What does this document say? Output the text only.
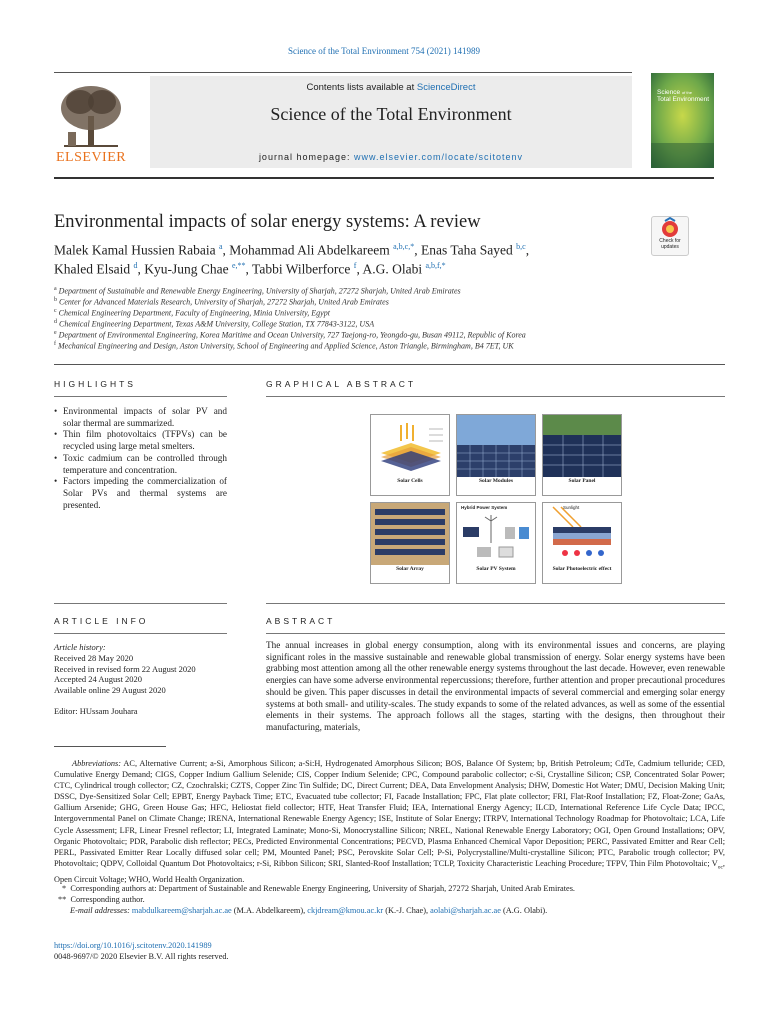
Science of the Total Environment 754 (2021) 141989
ELSEVIER
Contents lists available at ScienceDirect
Science of the Total Environment
journal homepage: www.elsevier.com/locate/scitotenv
Science of the
Total Environment
Environmental impacts of solar energy systems: A review
Check for updates
Malek Kamal Hussien Rabaia $^a$, Mohammad Ali Abdelkareem $^{a,b,c,*}$, Enas Taha Sayed $^{b,c}$,
Khaled Elsaid $^d$, Kyu-Jung Chae $^{e,**}$, Tabbi Wilberforce $^f$, A.G. Olabi $^{a,b,f,*}$
$^a$ Department of Sustainable and Renewable Energy Engineering, University of Sharjah, 27272 Sharjah, United Arab Emirates
$^b$ Center for Advanced Materials Research, University of Sharjah, 27272 Sharjah, United Arab Emirates
$^c$ Chemical Engineering Department, Faculty of Engineering, Minia University, Egypt
$^d$ Chemical Engineering Department, Texas A&M University, College Station, TX 77843-3122, USA
$^e$ Department of Environmental Engineering, Korea Maritime and Ocean University, 727 Taejong-ro, Yeongdo-gu, Busan 49112, Republic of Korea
$^f$ Mechanical Engineering and Design, Aston University, School of Engineering and Applied Science, Aston Triangle, Birmingham, B4 7ET, UK
HIGHLIGHTS
• Environmental impacts of solar PV and solar thermal are summarized.
• Thin film photovoltaics (TFPVs) can be recycled using large metal smelters.
• Toxic cadmium can be controlled through temperature and concentration.
• Factors impeding the commercialization of Solar PVs and thermal systems are presented.
GRAPHICAL ABSTRACT
Solar Cells	Solar Modules	Solar Panel
Solar Array
Hybrid Power System
Solar PV System
Sunlight
Solar Photoelectric effect
ARTICLE INFO
Article history:
Received 28 May 2020
Received in revised form 22 August 2020
Accepted 24 August 2020
Available online 29 August 2020
Editor: HUssam Jouhara
ABSTRACT
The annual increases in global energy consumption, along with its environmental issues and concerns, are playing significant roles in the massive sustainable and renewable global transmission of energy. Solar energy systems have been grabbing most attention among all the other renewable energy systems throughout the last decade. However, even renewable energies can have some adverse environmental repercussions; therefore, further attention and proper precautional procedures should be given. This paper discusses in detail the environmental impacts of several commercial and emerging solar energy systems at both small- and utility-scales. The study expands to some of the related advances, as well as some of the essential elements in their systems. The approach follows all the stages, starting with the designs, then throughout their manufacturing, materials,
Abbreviations: AC, Alternative Current; a-Si, Amorphous Silicon; a-Si:H, Hydrogenated Amorphous Silicon; BOS, Balance Of System; bp, British Petroleum; CdTe, Cadmium telluride; CED, Cumulative Energy Demand; CIGS, Copper Indium Gallium Selenide; CIS, Copper Indium Selenide; CPC, Compound parabolic collector; c-Si, Crystalline Silicon; CSP, Concentrated Solar Power; CTC, Cylindrical trough collector; CZ, Czochralski; CZTS, Copper Zinc Tin Sulfide; DC, Direct Current; DEA, Data Envelopment Analysis; DHW, Domestic Hot Water; DMU, Decision Making Unit; DSSC, Dye-Sensitized Solar Cell; EPBT, Energy Payback Time; ETC, Evacuated tube collector; FI, Facade Installation; FPC, Flat plate collector; FRI, Flat-Roof Installation; FZ, Float-Zone; GaAs, Gallium Arsenide; GHG, Green House Gas; HFC, Heliostat field collector; HTF, Heat Transfer Fluid; IEA, International Energy Agency; ILCD, International Reference Life Cycle Data; IPCC, Intergovernmental Panel on Climate Change; IRENA, International Renewable Energy Agency; ISE, Institute of Solar Energy; ITRPV, International Technology Roadmap for Photovoltaic; LCA, Life Cycle Assessment; LFR, Linear Fresnel reflector; LI, Integrated Laminate; Mono-Si, Monocrystalline Silicon; NREL, National Renewable Energy Laboratory; OGI, Open Ground Installations; OPV, Organic Photovoltaic; PDR, Parabolic dish reflector; PECs, Predicted Environmental Concentrations; PECVD, Plasma Enhanced Chemical Vapor Deposition; PERC, Passivated Emitter and Rear Cell; PERL, Passivated Emitter Rear Locally diffused solar cell; PM, Mounted Panel; PSC, Perovskite Solar Cell; P-Si, Polycrystalline/Multi-crystalline Silicon; PTC, Parabolic trough collector; PV, Photovoltaic; QDPV, Colloidal Quantum Dot Photovoltaics; r-Si, Ribbon Silicon; SRI, Slanted-Roof Installation; TCLP, Toxicity Characteristic Leaching Procedure; TFPV, Thin Film Photovoltaic; $V_{oc}$, Open Circuit Voltage; WHO, World Health Organization.
* Corresponding authors at: Department of Sustainable and Renewable Energy Engineering, University of Sharjah, 27272 Sharjah, United Arab Emirates.
** Corresponding author.
E-mail addresses: mabdulkareem@sharjah.ac.ae (M.A. Abdelkareem), ckjdream@kmou.ac.kr (K.-J. Chae), aolabi@sharjah.ac.ae (A.G. Olabi).
https://doi.org/10.1016/j.scitotenv.2020.141989
0048-9697/© 2020 Elsevier B.V. All rights reserved.
